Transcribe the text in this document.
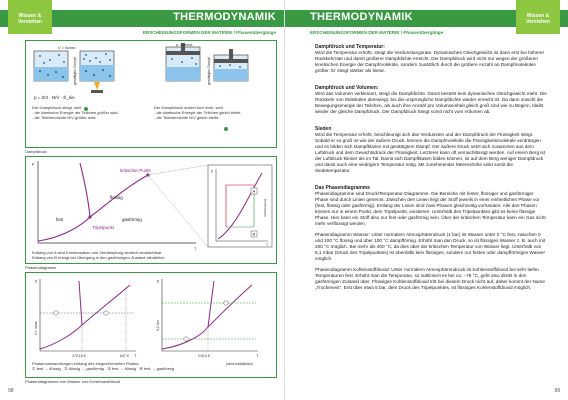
Wissen &
Verstehen	THERMODYNAMIK
ERSCHEINUNGSFORMEN DER MATERIE / Phasenübergänge
V = konst.
gesättigter Dampf
p = 2/3 · N/V · Ē_kin
p = konst.
gesättigter Dampf
Der Dampfdruck steigt, weil:
- die kinetische Energie der Teilchen größer wird,
- die Teilchendichte N/V größer wird.
Der Dampfdruck ändert sich nicht, weil:
- die kinetische Energie der Teilchen gleich bleibt,
- die Teilchendichte N/V gleich bleibt.
Dampfdruck
p
T
kritischer Punkt
flüssig
fest	gasförmig
Tripelpunkt
A
B
p
T
Verflüssigung
Entlang von A sind Kondensation und Verdampfung deutlich beobachtbar.
Entlang von B erfolgt der Übergang in den gasförmigen Zustand allmählich.
Phasendiagramm
p
T
0,1 mbar
273,16 K	647 K
p
T
5,2 bar
216,6 K
(nicht maßstäblich)
Phasenumwandlungen entlang des eingezeichneten Pfades:
① fest → flüssig ② flüssig → gasförmig ③ fest → flüssig ④ fest → gasförmig
Phasendiagramme von Wasser und Kohlenstoffdioxid
98
Wissen &
Verstehen
THERMODYNAMIK
ERSCHEINUNGSFORMEN DER MATERIE / Phasenübergänge
Dampfdruck und Temperatur:

Wird die Temperatur erhöht, steigt die Verdunstungsrate. Dynamisches Gleichgewicht ist dann erst bei höherer Rückkehrrate und damit größerer Dampfdichte erreicht. Der Dampfdruck wird nicht nur wegen der größeren kinetischen Energie der Dampfmoleküle, sondern zusätzlich durch die größere Anzahl an Dampfmolekülen größer. Er steigt stärker als linear.

Dampfdruck und Volumen:

Wird das Volumen verkleinert, steigt die Dampfdichte. Damit besteht kein dynamisches Gleichgewicht mehr. Die Rückkehr von Molekülen überwiegt, bis die ursprüngliche Dampfdichte wieder erreicht ist. Da dann sowohl die Bewegungsenergie der Teilchen, als auch ihre Anzahl pro Volumseinheit gleich groß sind wie zu Beginn, bleibt wieder der gleiche Dampfdruck. Der Dampfdruck hängt somit nicht vom Volumen ab.

Sieden

Wird die Temperatur erhöht, beschleunigt sich das Verdunsten und der Dampfdruck der Flüssigkeit steigt. Sobald er so groß ist wie der äußere Druck, können die Dampfmoleküle die Flüssigkeitsmoleküle verdrängen und es bilden sich Dampfblasen mit gesättigtem Dampf. Der äußere Druck setzt sich zusammen aus dem Luftdruck und dem Gewichtsdruck der Flüssigkeit. Letzterer kann oft vernachlässigt werden. Auf einem Berg ist der Luftdruck kleiner als im Tal. Damit sich Dampfblasen bilden können, ist auf dem Berg weniger Dampfdruck und damit auch eine niedrigere Temperatur nötig. Mit zunehmender Meereshöhe sinkt somit die Siedetemperatur.

Das Phasendiagramme

Phasendiagramme sind Druck/Temperatur-Diagramme. Die Bereiche mit fester, flüssiger und gasförmiger Phase sind durch Linien getrennt. Zwischen den Linien liegt der Stoff jeweils in einer einheitlichen Phase vor (fest, flüssig oder gasförmig). Entlang der Linien sind zwei Phasen gleichzeitig vorhanden. Alle drei Phasen können nur in einem Punkt, dem Tripelpunkt, existieren. Unterhalb des Tripelpunktes gibt es keine flüssige Phase. Hier kann ein Stoff also nur fest oder gasförmig sein. Über der kritischen Temperatur kann ein Gas nicht mehr verflüssigt werden.

Phasendiagramm Wasser: Unter normalem Atmosphärendruck (1 bar) ist Wasser unter 0 °C fest, zwischen 0 und 100 °C flüssig und über 100 °C dampfförmig. Erhöht man den Druck, so ist flüssiges Wasser z. B. auch mit 200 °C möglich. Bei mehr als 400 °C, da dies über der kritischen Temperatur von Wasser liegt. Unterhalb von 6,1 mbar (Druck des Tripelpunktes) ist ebenfalls kein flüssiges, sondern nur festes oder dampfförmiges Wasser möglich.

Phasendiagramm Kohlenstoffdioxid: Unter normalem Atmosphärendruck ist Kohlenstoffdioxid bei sehr tiefen Temperaturen fest. Erhöht man die Temperatur, so sublimiert es bei ca. −78 °C, geht also direkt in den gasförmigen Zustand über. Flüssiges Kohlenstoffdioxid tritt bei diesem Druck nicht auf, daher kommt der Name „Trockeneis". Erst über etwa 5 bar, dem Druck des Tripelpunktes, ist flüssiges Kohlenstoffdioxid möglich.

99
